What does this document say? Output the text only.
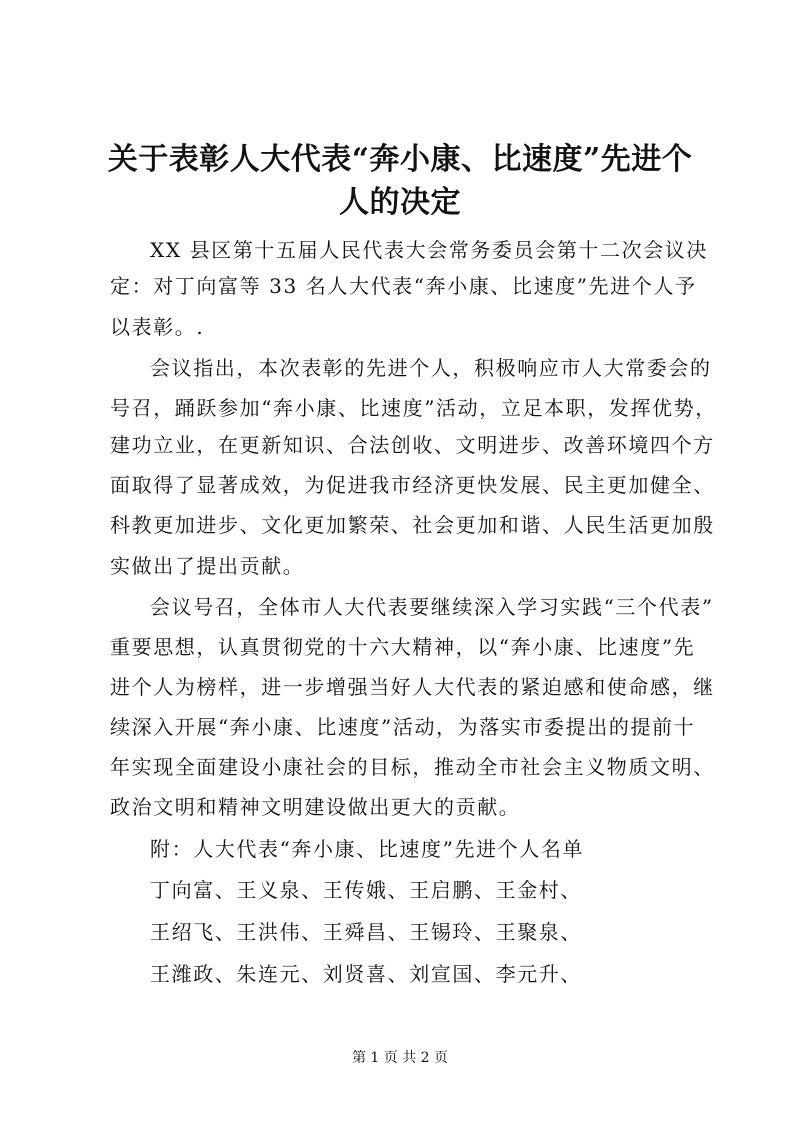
关于表彰人大代表“奔小康、比速度”先进个
人的决定
XX 县区第十五届人民代表大会常务委员会第十二次会议决
定：对丁向富等 33 名人大代表“奔小康、比速度”先进个人予
以表彰。.
会议指出，本次表彰的先进个人，积极响应市人大常委会的
号召，踊跃参加“奔小康、比速度”活动，立足本职，发挥优势，
建功立业，在更新知识、合法创收、文明进步、改善环境四个方
面取得了显著成效，为促进我市经济更快发展、民主更加健全、
科教更加进步、文化更加繁荣、社会更加和谐、人民生活更加殷
实做出了提出贡献。
会议号召，全体市人大代表要继续深入学习实践“三个代表”
重要思想，认真贯彻党的十六大精神，以“奔小康、比速度”先
进个人为榜样，进一步增强当好人大代表的紧迫感和使命感，继
续深入开展“奔小康、比速度”活动，为落实市委提出的提前十
年实现全面建设小康社会的目标，推动全市社会主义物质文明、
政治文明和精神文明建设做出更大的贡献。
附：人大代表“奔小康、比速度”先进个人名单
丁向富、王义泉、王传娥、王启鹏、王金村、
王绍飞、王洪伟、王舜昌、王锡玲、王聚泉、
王潍政、朱连元、刘贤喜、刘宣国、李元升、
第 1 页 共 2 页
